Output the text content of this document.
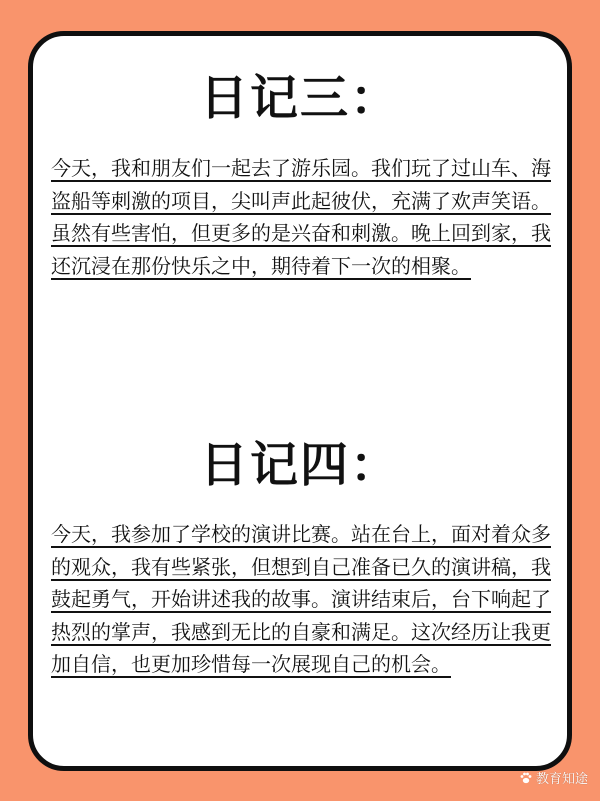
日记三：

今天，我和朋友们一起去了游乐园。我们玩了过山车、海盗船等刺激的项目，尖叫声此起彼伏，充满了欢声笑语。虽然有些害怕，但更多的是兴奋和刺激。晚上回到家，我还沉浸在那份快乐之中，期待着下一次的相聚。

日记四：

今天，我参加了学校的演讲比赛。站在台上，面对着众多的观众，我有些紧张，但想到自己准备已久的演讲稿，我鼓起勇气，开始讲述我的故事。演讲结束后，台下响起了热烈的掌声，我感到无比的自豪和满足。这次经历让我更加自信，也更加珍惜每一次展现自己的机会。

教育知途
